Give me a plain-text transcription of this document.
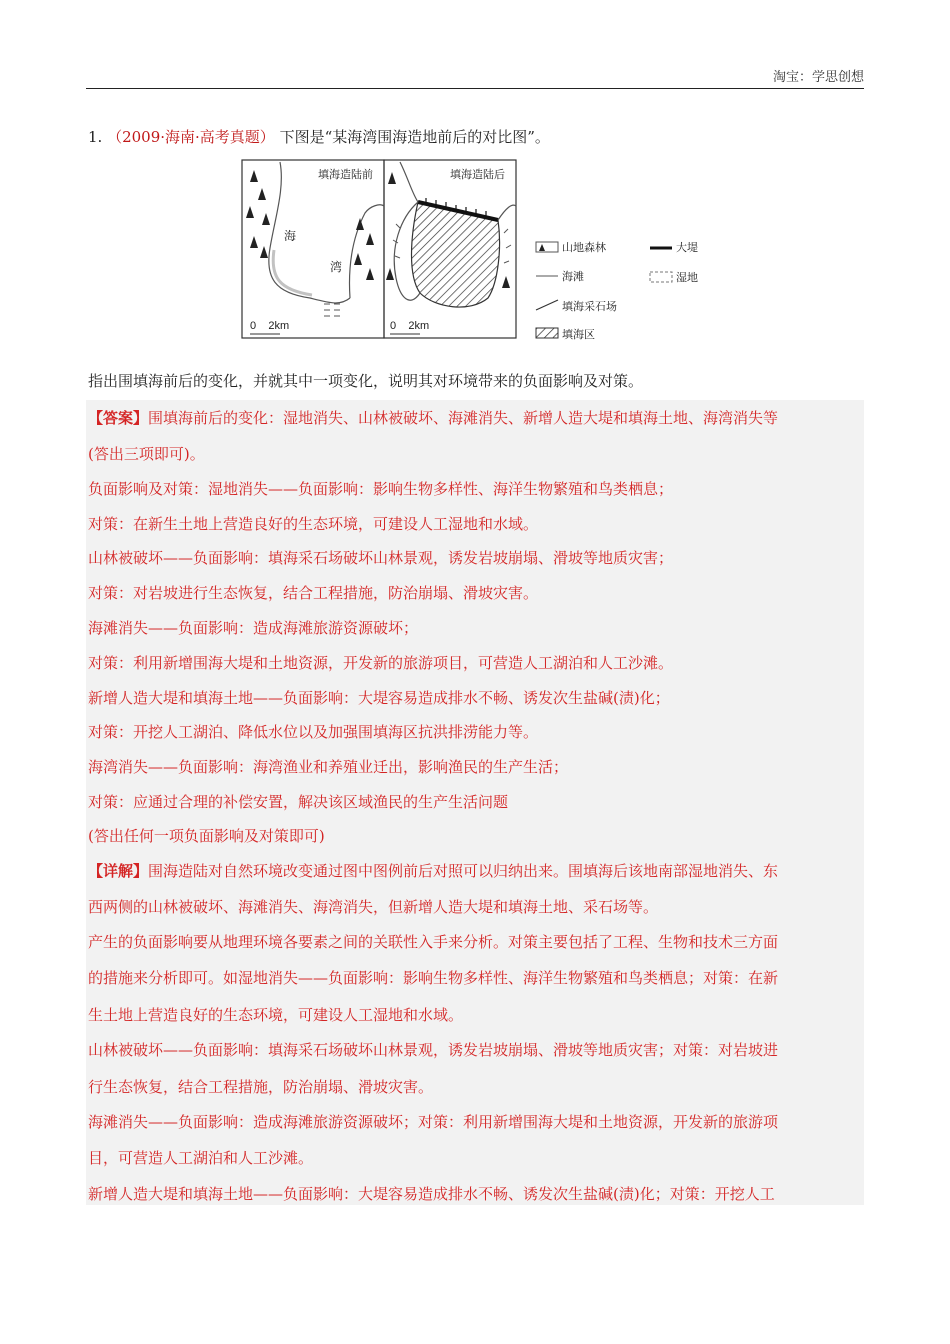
淘宝：学思创想
1. （2009·海南·高考真题） 下图是“某海湾围海造地前后的对比图”。
填海造陆前
海
湾
0    2km
填海造陆后
0    2km
山地森林	大堤
海滩	湿地
填海采石场
填海区
指出围填海前后的变化，并就其中一项变化，说明其对环境带来的负面影响及对策。
【答案】围填海前后的变化：湿地消失、山林被破坏、海滩消失、新增人造大堤和填海土地、海湾消失等
(答出三项即可)。
负面影响及对策：湿地消失——负面影响：影响生物多样性、海洋生物繁殖和鸟类栖息；
对策：在新生土地上营造良好的生态环境，可建设人工湿地和水域。
山林被破坏——负面影响：填海采石场破坏山林景观，诱发岩坡崩塌、滑坡等地质灾害；
对策：对岩坡进行生态恢复，结合工程措施，防治崩塌、滑坡灾害。
海滩消失——负面影响：造成海滩旅游资源破坏；
对策：利用新增围海大堤和土地资源，开发新的旅游项目，可营造人工湖泊和人工沙滩。
新增人造大堤和填海土地——负面影响：大堤容易造成排水不畅、诱发次生盐碱(渍)化；
对策：开挖人工湖泊、降低水位以及加强围填海区抗洪排涝能力等。
海湾消失——负面影响：海湾渔业和养殖业迁出，影响渔民的生产生活；
对策：应通过合理的补偿安置，解决该区域渔民的生产生活问题
(答出任何一项负面影响及对策即可)
【详解】围海造陆对自然环境改变通过图中图例前后对照可以归纳出来。围填海后该地南部湿地消失、东
西两侧的山林被破坏、海滩消失、海湾消失，但新增人造大堤和填海土地、采石场等。
产生的负面影响要从地理环境各要素之间的关联性入手来分析。对策主要包括了工程、生物和技术三方面
的措施来分析即可。如湿地消失——负面影响：影响生物多样性、海洋生物繁殖和鸟类栖息；对策：在新
生土地上营造良好的生态环境，可建设人工湿地和水域。
山林被破坏——负面影响：填海采石场破坏山林景观，诱发岩坡崩塌、滑坡等地质灾害；对策：对岩坡进
行生态恢复，结合工程措施，防治崩塌、滑坡灾害。
海滩消失——负面影响：造成海滩旅游资源破坏；对策：利用新增围海大堤和土地资源，开发新的旅游项
目，可营造人工湖泊和人工沙滩。
新增人造大堤和填海土地——负面影响：大堤容易造成排水不畅、诱发次生盐碱(渍)化；对策：开挖人工
